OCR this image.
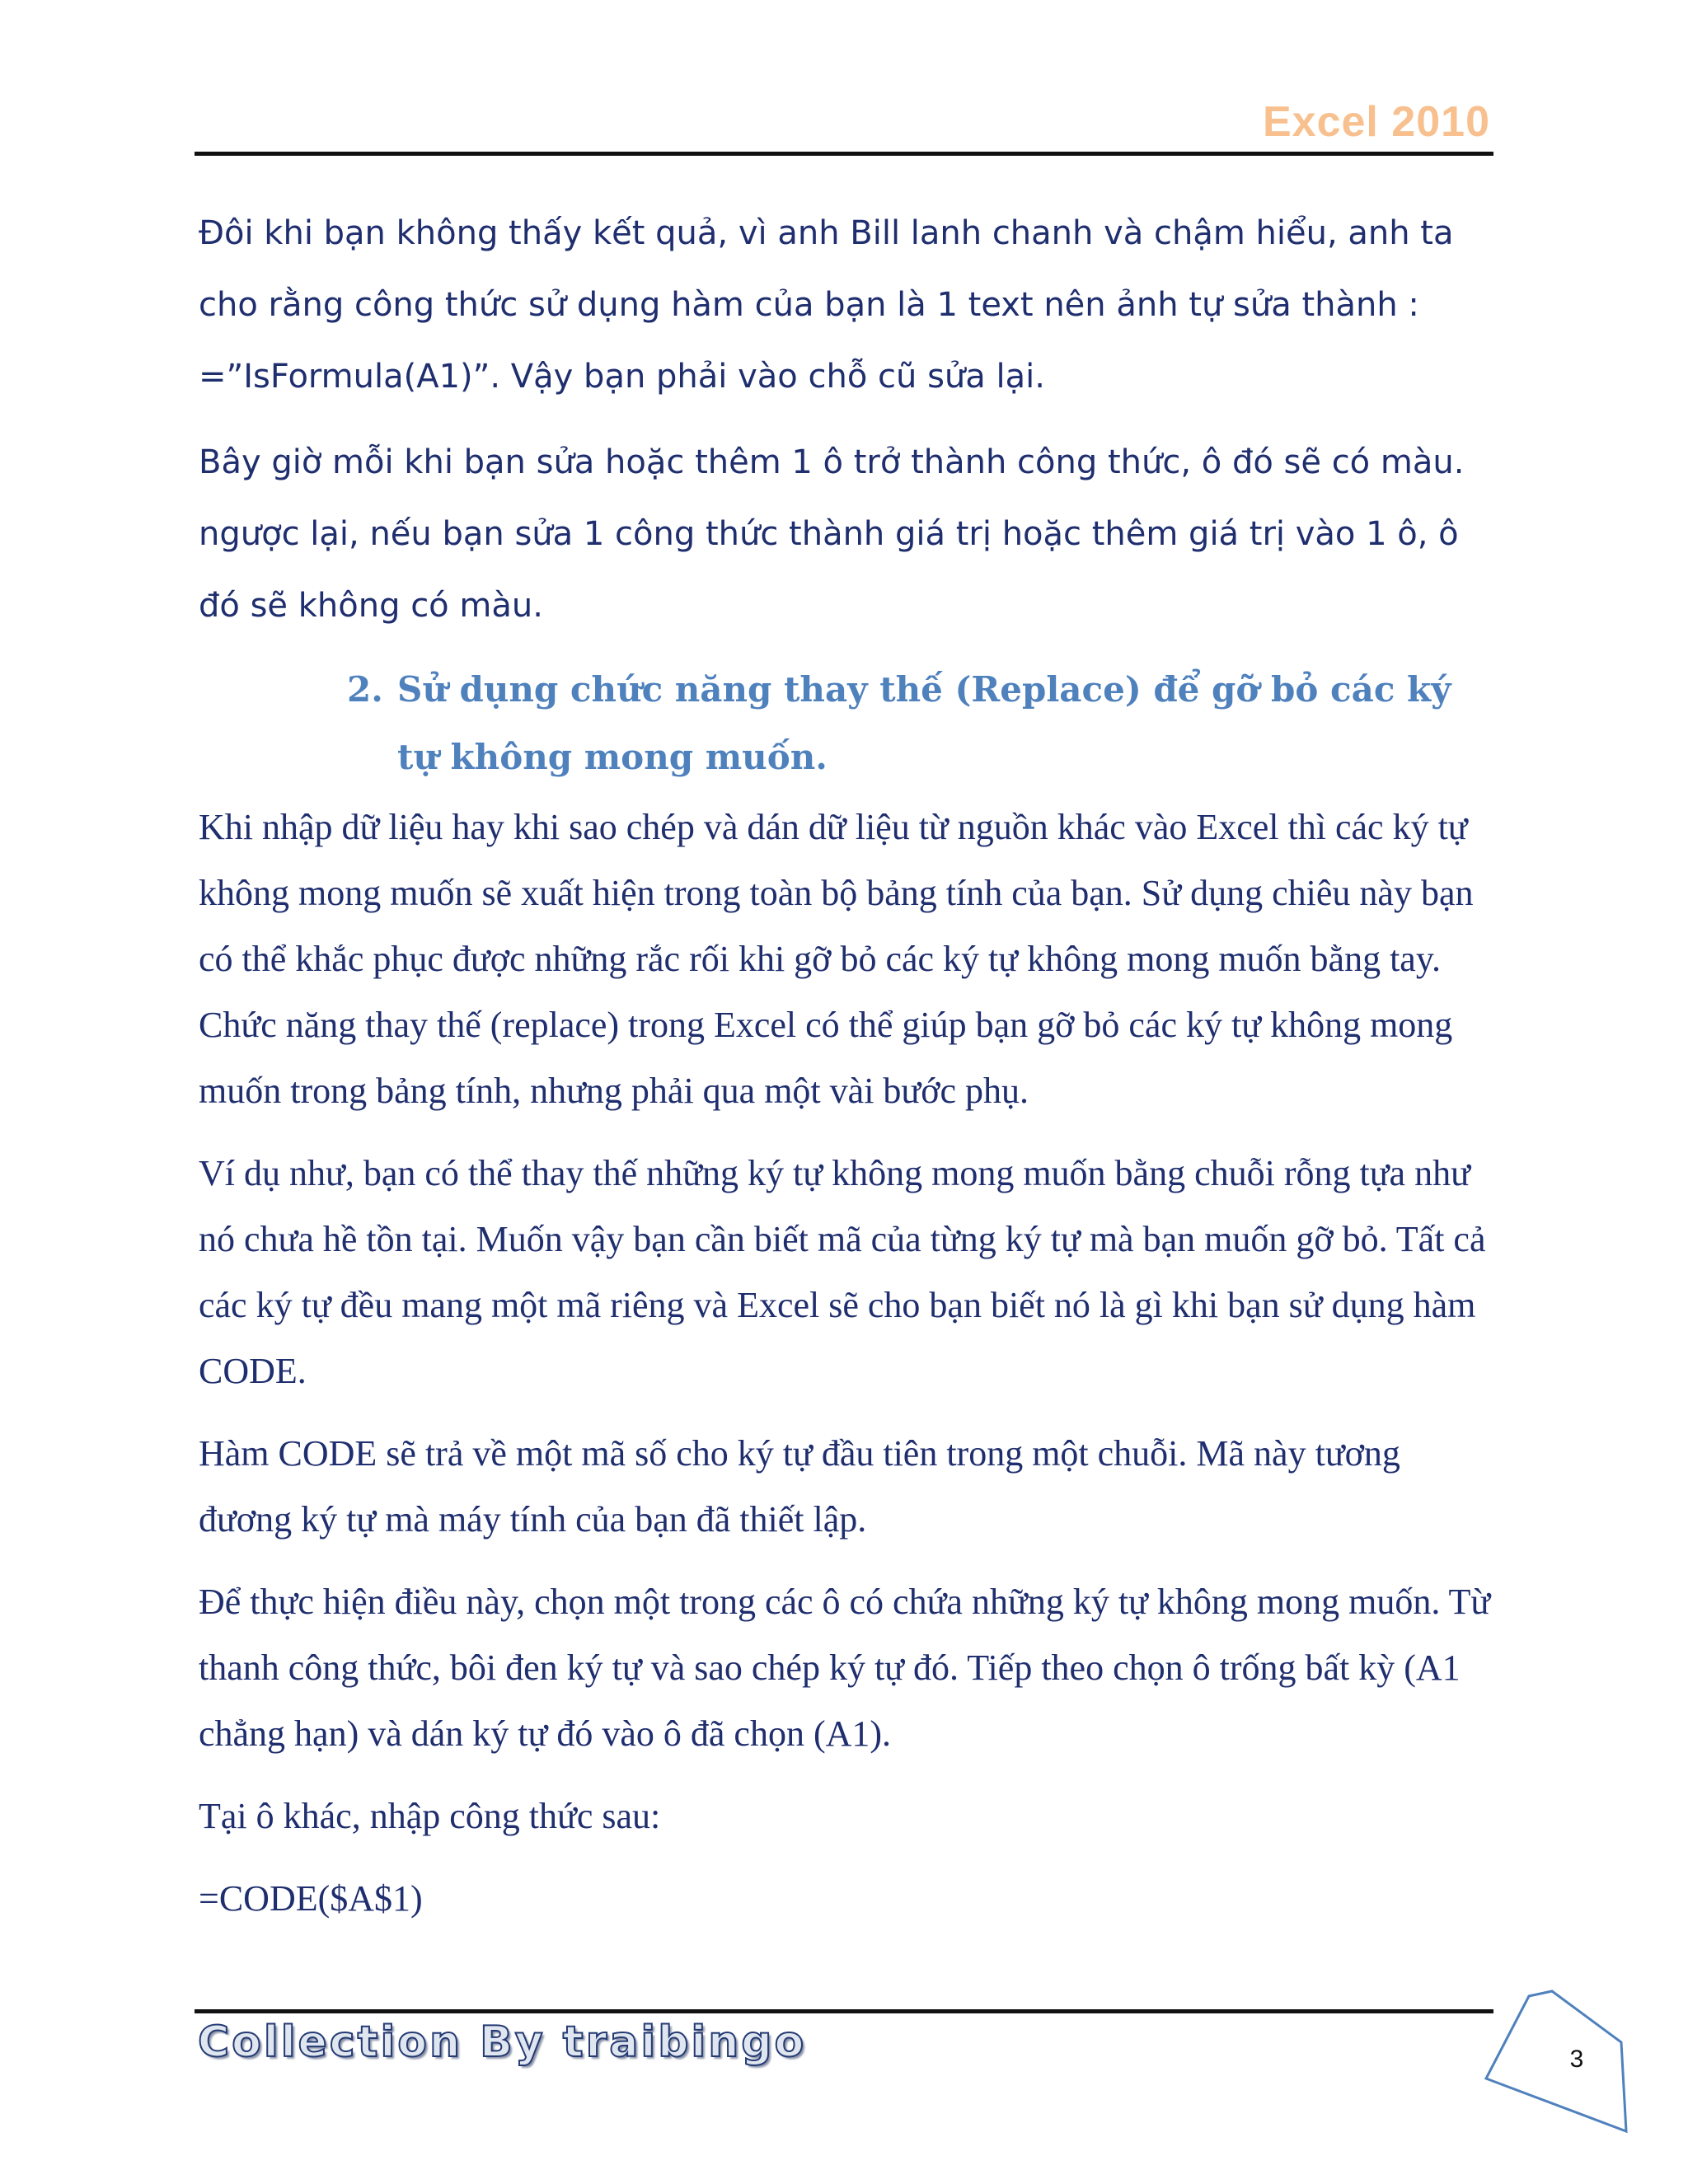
Excel 2010

Đôi khi bạn không thấy kết quả, vì anh Bill lanh chanh và chậm hiểu, anh ta cho rằng công thức sử dụng hàm của bạn là 1 text nên ảnh tự sửa thành : =”IsFormula(A1)”. Vậy bạn phải vào chỗ cũ sửa lại.

Bây giờ mỗi khi bạn sửa hoặc thêm 1 ô trở thành công thức, ô đó sẽ có màu. ngược lại, nếu bạn sửa 1 công thức thành giá trị hoặc thêm giá trị vào 1 ô, ô đó sẽ không có màu.

2. Sử dụng chức năng thay thế (Replace) để gỡ bỏ các ký tự không mong muốn.

Khi nhập dữ liệu hay khi sao chép và dán dữ liệu từ nguồn khác vào Excel thì các ký tự không mong muốn sẽ xuất hiện trong toàn bộ bảng tính của bạn. Sử dụng chiêu này bạn có thể khắc phục được những rắc rối khi gỡ bỏ các ký tự không mong muốn bằng tay. Chức năng thay thế (replace) trong Excel có thể giúp bạn gỡ bỏ các ký tự không mong muốn trong bảng tính, nhưng phải qua một vài bước phụ.

Ví dụ như, bạn có thể thay thế những ký tự không mong muốn bằng chuỗi rỗng tựa như nó chưa hề tồn tại. Muốn vậy bạn cần biết mã của từng ký tự mà bạn muốn gỡ bỏ. Tất cả các ký tự đều mang một mã riêng và Excel sẽ cho bạn biết nó là gì khi bạn sử dụng hàm CODE.

Hàm CODE sẽ trả về một mã số cho ký tự đầu tiên trong một chuỗi. Mã này tương đương ký tự mà máy tính của bạn đã thiết lập.

Để thực hiện điều này, chọn một trong các ô có chứa những ký tự không mong muốn. Từ thanh công thức, bôi đen ký tự và sao chép ký tự đó. Tiếp theo chọn ô trống bất kỳ (A1 chẳng hạn) và dán ký tự đó vào ô đã chọn (A1).

Tại ô khác, nhập công thức sau:

=CODE($A$1)

Collection By traibingo	3
